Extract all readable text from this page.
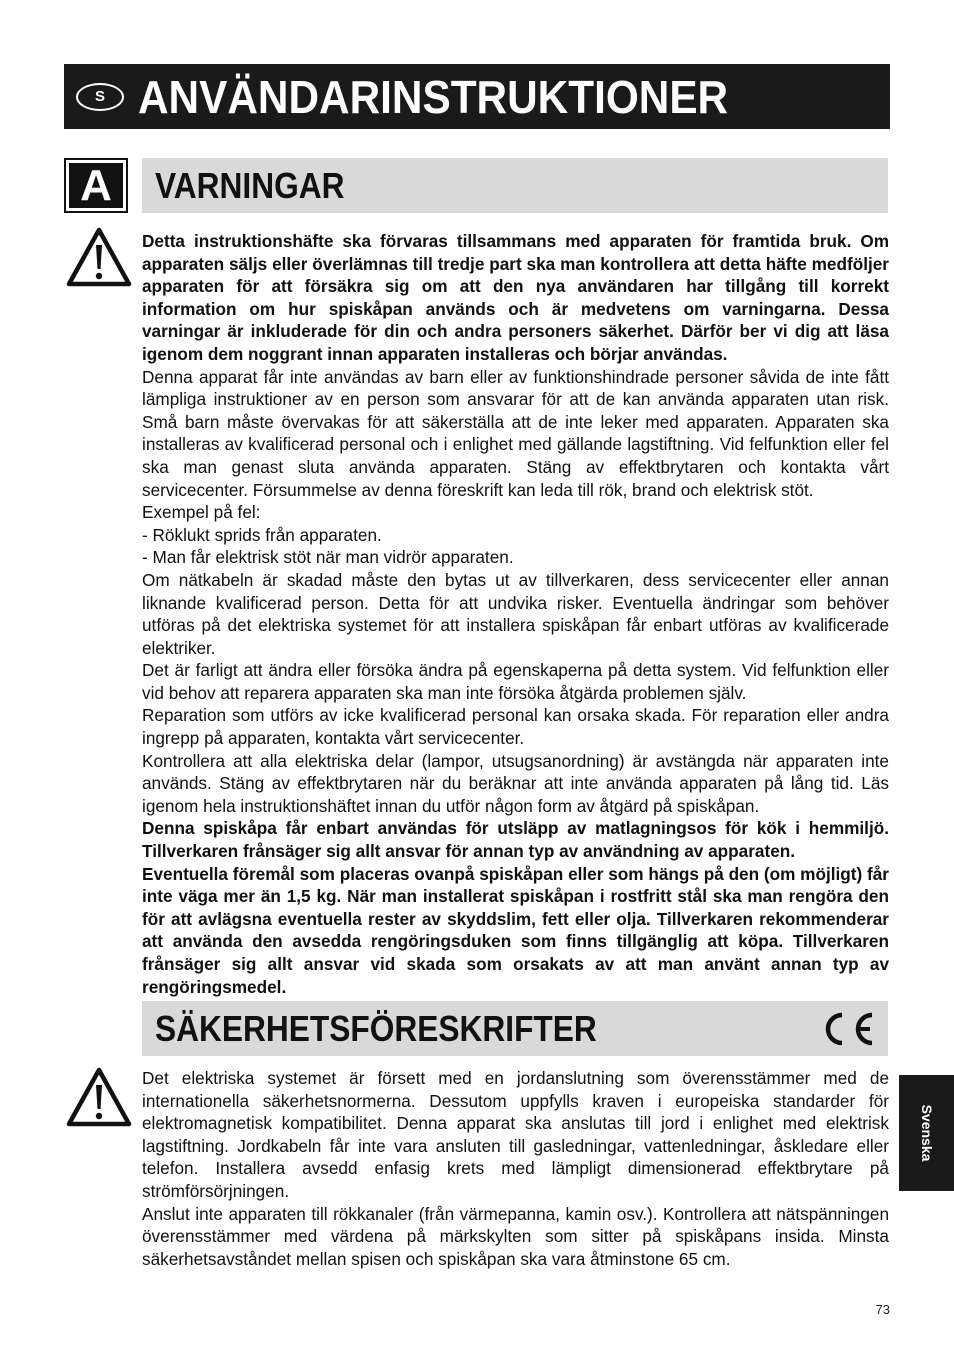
S ANVÄNDARINSTRUKTIONER
A	VARNINGAR

Detta instruktionshäfte ska förvaras tillsammans med apparaten för framtida bruk. Om apparaten säljs eller överlämnas till tredje part ska man kontrollera att detta häfte medföljer apparaten för att försäkra sig om att den nya användaren har tillgång till korrekt information om hur spiskåpan används och är medvetens om varningarna. Dessa varningar är inkluderade för din och andra personers säkerhet. Därför ber vi dig att läsa igenom dem noggrant innan apparaten installeras och börjar användas.

Denna apparat får inte användas av barn eller av funktionshindrade personer såvida de inte fått lämpliga instruktioner av en person som ansvarar för att de kan använda apparaten utan risk. Små barn måste övervakas för att säkerställa att de inte leker med apparaten. Apparaten ska installeras av kvalificerad personal och i enlighet med gällande lagstiftning. Vid felfunktion eller fel ska man genast sluta använda apparaten. Stäng av effektbrytaren och kontakta vårt servicecenter. Försummelse av denna föreskrift kan leda till rök, brand och elektrisk stöt.

Exempel på fel:

- Röklukt sprids från apparaten.

- Man får elektrisk stöt när man vidrör apparaten.

Om nätkabeln är skadad måste den bytas ut av tillverkaren, dess servicecenter eller annan liknande kvalificerad person. Detta för att undvika risker. Eventuella ändringar som behöver utföras på det elektriska systemet för att installera spiskåpan får enbart utföras av kvalificerade elektriker.

Det är farligt att ändra eller försöka ändra på egenskaperna på detta system. Vid felfunktion eller vid behov att reparera apparaten ska man inte försöka åtgärda problemen själv.

Reparation som utförs av icke kvalificerad personal kan orsaka skada. För reparation eller andra ingrepp på apparaten, kontakta vårt servicecenter.

Kontrollera att alla elektriska delar (lampor, utsugsanordning) är avstängda när apparaten inte används. Stäng av effektbrytaren när du beräknar att inte använda apparaten på lång tid. Läs igenom hela instruktionshäftet innan du utför någon form av åtgärd på spiskåpan.

Denna spiskåpa får enbart användas för utsläpp av matlagningsos för kök i hemmiljö. Tillverkaren frånsäger sig allt ansvar för annan typ av användning av apparaten.

Eventuella föremål som placeras ovanpå spiskåpan eller som hängs på den (om möjligt) får inte väga mer än 1,5 kg. När man installerat spiskåpan i rostfritt stål ska man rengöra den för att avlägsna eventuella rester av skyddslim, fett eller olja. Tillverkaren rekommenderar att använda den avsedda rengöringsduken som finns tillgänglig att köpa. Tillverkaren frånsäger sig allt ansvar vid skada som orsakats av att man använt annan typ av rengöringsmedel.

SÄKERHETSFÖRESKRIFTER

Det elektriska systemet är försett med en jordanslutning som överensstämmer med de internationella säkerhetsnormerna. Dessutom uppfylls kraven i europeiska standarder för elektromagnetisk kompatibilitet. Denna apparat ska anslutas till jord i enlighet med elektrisk lagstiftning. Jordkabeln får inte vara ansluten till gasledningar, vattenledningar, åskledare eller telefon. Installera avsedd enfasig krets med lämpligt dimensionerad effektbrytare på strömförsörjningen.

Anslut inte apparaten till rökkanaler (från värmepanna, kamin osv.). Kontrollera att nätspänningen överensstämmer med värdena på märkskylten som sitter på spiskåpans insida. Minsta säkerhetsavståndet mellan spisen och spiskåpan ska vara åtminstone 65 cm.

Svenska
73
